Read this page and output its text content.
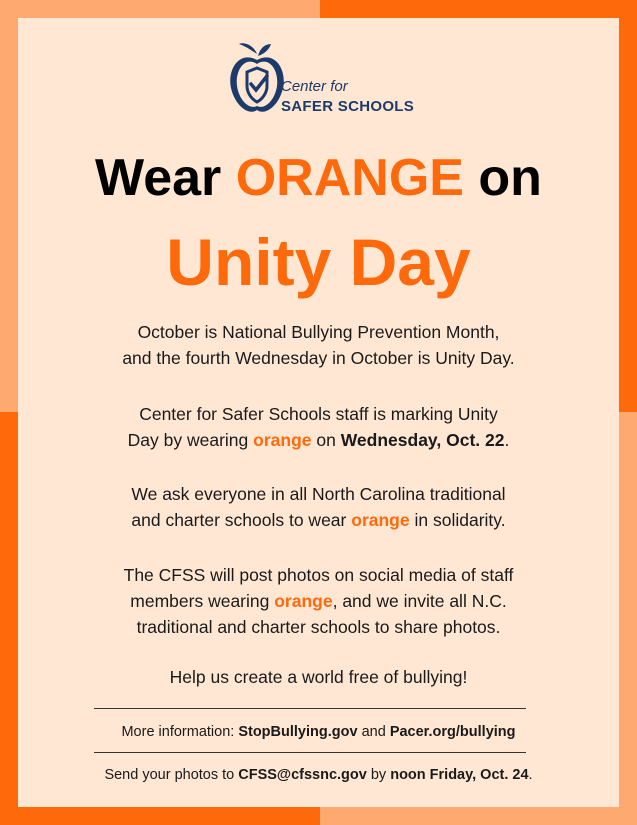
Center for
SAFER SCHOOLS
Wear ORANGE on
Unity Day
October is National Bullying Prevention Month,
and the fourth Wednesday in October is Unity Day.
Center for Safer Schools staff is marking Unity
Day by wearing orange on Wednesday, Oct. 22.
We ask everyone in all North Carolina traditional
and charter schools to wear orange in solidarity.
The CFSS will post photos on social media of staff
members wearing orange, and we invite all N.C.
traditional and charter schools to share photos.
Help us create a world free of bullying!
More information: StopBullying.gov and Pacer.org/bullying
Send your photos to CFSS@cfssnc.gov by noon Friday, Oct. 24.
